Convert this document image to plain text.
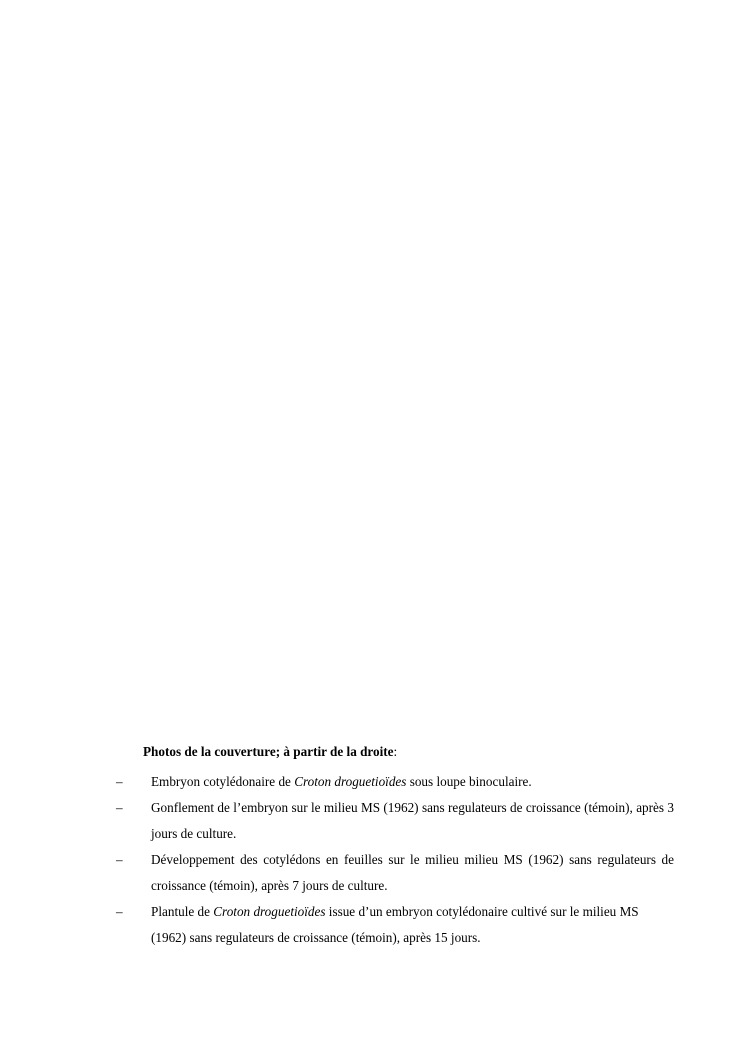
Photos de la couverture; à partir de la droite:

– Embryon cotylédonaire de Croton droguetioïdes sous loupe binoculaire.
– Gonflement de l’embryon sur le milieu MS (1962) sans regulateurs de croissance (témoin), après 3 jours de culture.
– Développement des cotylédons en feuilles sur le milieu milieu MS (1962) sans regulateurs de croissance (témoin), après 7 jours de culture.
– Plantule de Croton droguetioïdes issue d’un embryon cotylédonaire cultivé sur le milieu MS (1962) sans regulateurs de croissance (témoin), après 15 jours.
